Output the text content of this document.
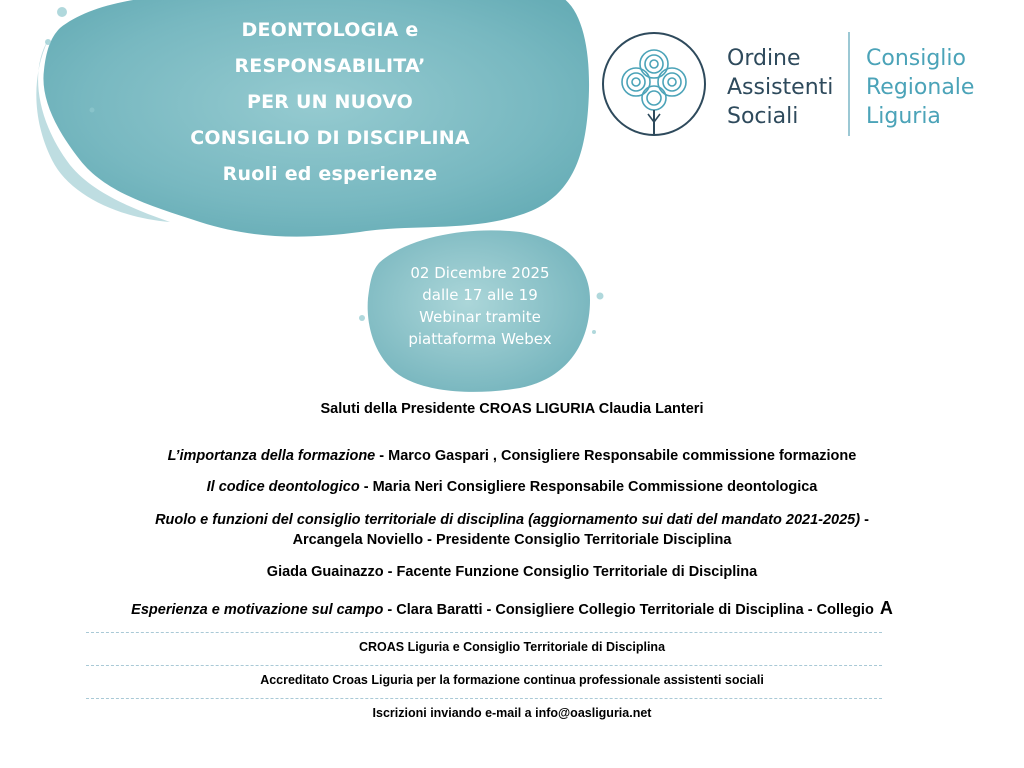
DEONTOLOGIA e
RESPONSABILITA’
PER UN NUOVO
CONSIGLIO DI DISCIPLINA
Ruoli ed esperienze
02 Dicembre 2025
dalle 17 alle 19
Webinar tramite
piattaforma Webex
Ordine
Assistenti
Sociali
Consiglio
Regionale
Liguria
Saluti della Presidente CROAS LIGURIA Claudia Lanteri
L’importanza della formazione - Marco Gaspari , Consigliere Responsabile commissione formazione
Il codice deontologico - Maria Neri Consigliere Responsabile Commissione deontologica
Ruolo e funzioni del consiglio territoriale di disciplina (aggiornamento sui dati del mandato 2021-2025) -
Arcangela Noviello - Presidente Consiglio Territoriale Disciplina
Giada Guainazzo - Facente Funzione Consiglio Territoriale di Disciplina
Esperienza e motivazione sul campo - Clara Baratti - Consigliere Collegio Territoriale di Disciplina - Collegio A
CROAS Liguria e Consiglio Territoriale di Disciplina
Accreditato Croas Liguria per la formazione continua professionale assistenti sociali
Iscrizioni inviando e-mail a info@oasliguria.net
